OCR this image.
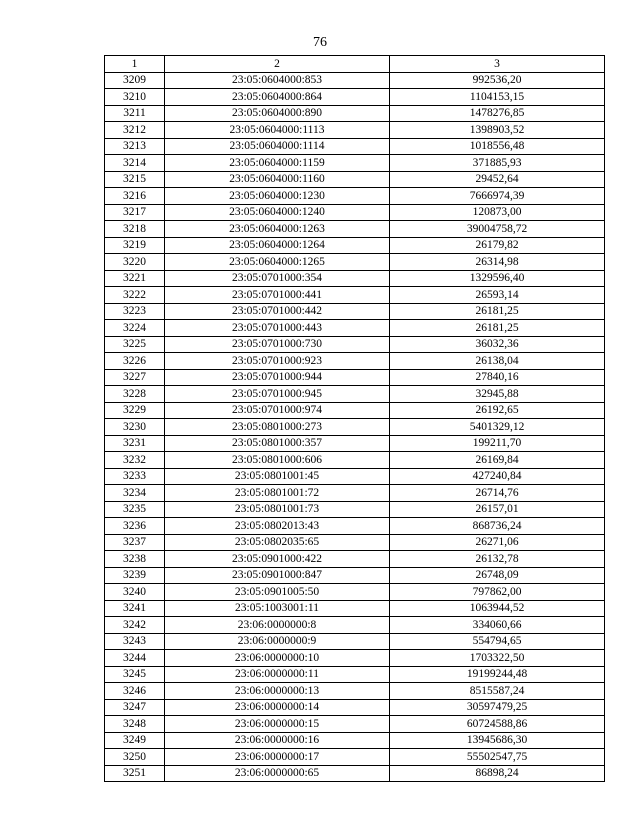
76
1	2	3
3209	23:05:0604000:853	992536,20
3210	23:05:0604000:864	1104153,15
3211	23:05:0604000:890	1478276,85
3212	23:05:0604000:1113	1398903,52
3213	23:05:0604000:1114	1018556,48
3214	23:05:0604000:1159	371885,93
3215	23:05:0604000:1160	29452,64
3216	23:05:0604000:1230	7666974,39
3217	23:05:0604000:1240	120873,00
3218	23:05:0604000:1263	39004758,72
3219	23:05:0604000:1264	26179,82
3220	23:05:0604000:1265	26314,98
3221	23:05:0701000:354	1329596,40
3222	23:05:0701000:441	26593,14
3223	23:05:0701000:442	26181,25
3224	23:05:0701000:443	26181,25
3225	23:05:0701000:730	36032,36
3226	23:05:0701000:923	26138,04
3227	23:05:0701000:944	27840,16
3228	23:05:0701000:945	32945,88
3229	23:05:0701000:974	26192,65
3230	23:05:0801000:273	5401329,12
3231	23:05:0801000:357	199211,70
3232	23:05:0801000:606	26169,84
3233	23:05:0801001:45	427240,84
3234	23:05:0801001:72	26714,76
3235	23:05:0801001:73	26157,01
3236	23:05:0802013:43	868736,24
3237	23:05:0802035:65	26271,06
3238	23:05:0901000:422	26132,78
3239	23:05:0901000:847	26748,09
3240	23:05:0901005:50	797862,00
3241	23:05:1003001:11	1063944,52
3242	23:06:0000000:8	334060,66
3243	23:06:0000000:9	554794,65
3244	23:06:0000000:10	1703322,50
3245	23:06:0000000:11	19199244,48
3246	23:06:0000000:13	8515587,24
3247	23:06:0000000:14	30597479,25
3248	23:06:0000000:15	60724588,86
3249	23:06:0000000:16	13945686,30
3250	23:06:0000000:17	55502547,75
3251	23:06:0000000:65	86898,24
